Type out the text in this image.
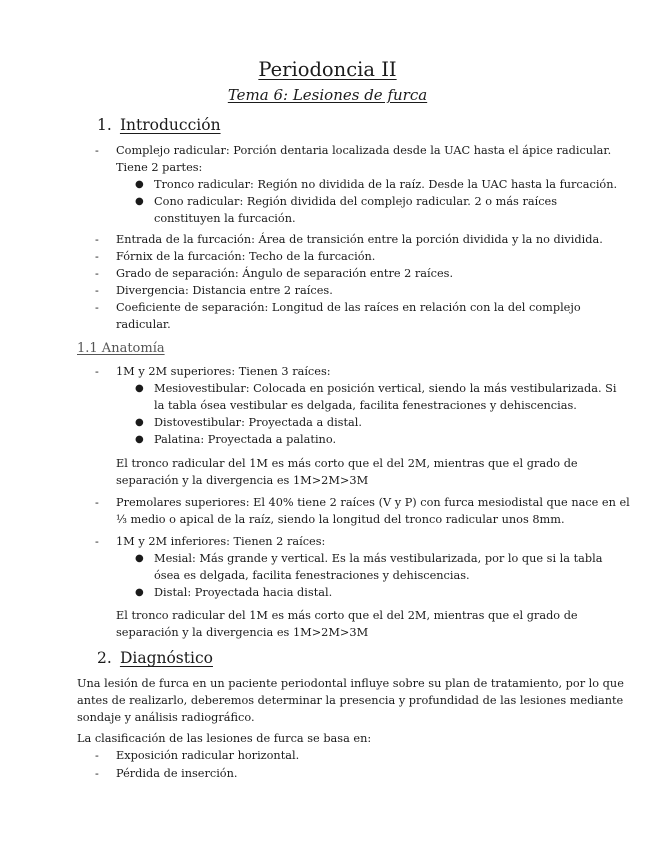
Periodoncia II
Tema 6: Lesiones de furca
1. Introducción
- Complejo radicular: Porción dentaria localizada desde la UAC hasta el ápice radicular.
Tiene 2 partes:
● Tronco radicular: Región no dividida de la raíz. Desde la UAC hasta la furcación.
● Cono radicular: Región dividida del complejo radicular. 2 o más raíces
constituyen la furcación.
- Entrada de la furcación: Área de transición entre la porción dividida y la no dividida.
- Fórnix de la furcación: Techo de la furcación.
- Grado de separación: Ángulo de separación entre 2 raíces.
- Divergencia: Distancia entre 2 raíces.
- Coeficiente de separación: Longitud de las raíces en relación con la del complejo
radicular.
1.1 Anatomía
- 1M y 2M superiores: Tienen 3 raíces:
● Mesiovestibular: Colocada en posición vertical, siendo la más vestibularizada. Si
la tabla ósea vestibular es delgada, facilita fenestraciones y dehiscencias.
● Distovestibular: Proyectada a distal.
● Palatina: Proyectada a palatino.
El tronco radicular del 1M es más corto que el del 2M, mientras que el grado de
separación y la divergencia es 1M>2M>3M
- Premolares superiores: El 40% tiene 2 raíces (V y P) con furca mesiodistal que nace en el
⅓ medio o apical de la raíz, siendo la longitud del tronco radicular unos 8mm.
- 1M y 2M inferiores: Tienen 2 raíces:
● Mesial: Más grande y vertical. Es la más vestibularizada, por lo que si la tabla
ósea es delgada, facilita fenestraciones y dehiscencias.
● Distal: Proyectada hacia distal.
El tronco radicular del 1M es más corto que el del 2M, mientras que el grado de
separación y la divergencia es 1M>2M>3M
2. Diagnóstico
Una lesión de furca en un paciente periodontal influye sobre su plan de tratamiento, por lo que
antes de realizarlo, deberemos determinar la presencia y profundidad de las lesiones mediante
sondaje y análisis radiográfico.
La clasificación de las lesiones de furca se basa en:
- Exposición radicular horizontal.
- Pérdida de inserción.
